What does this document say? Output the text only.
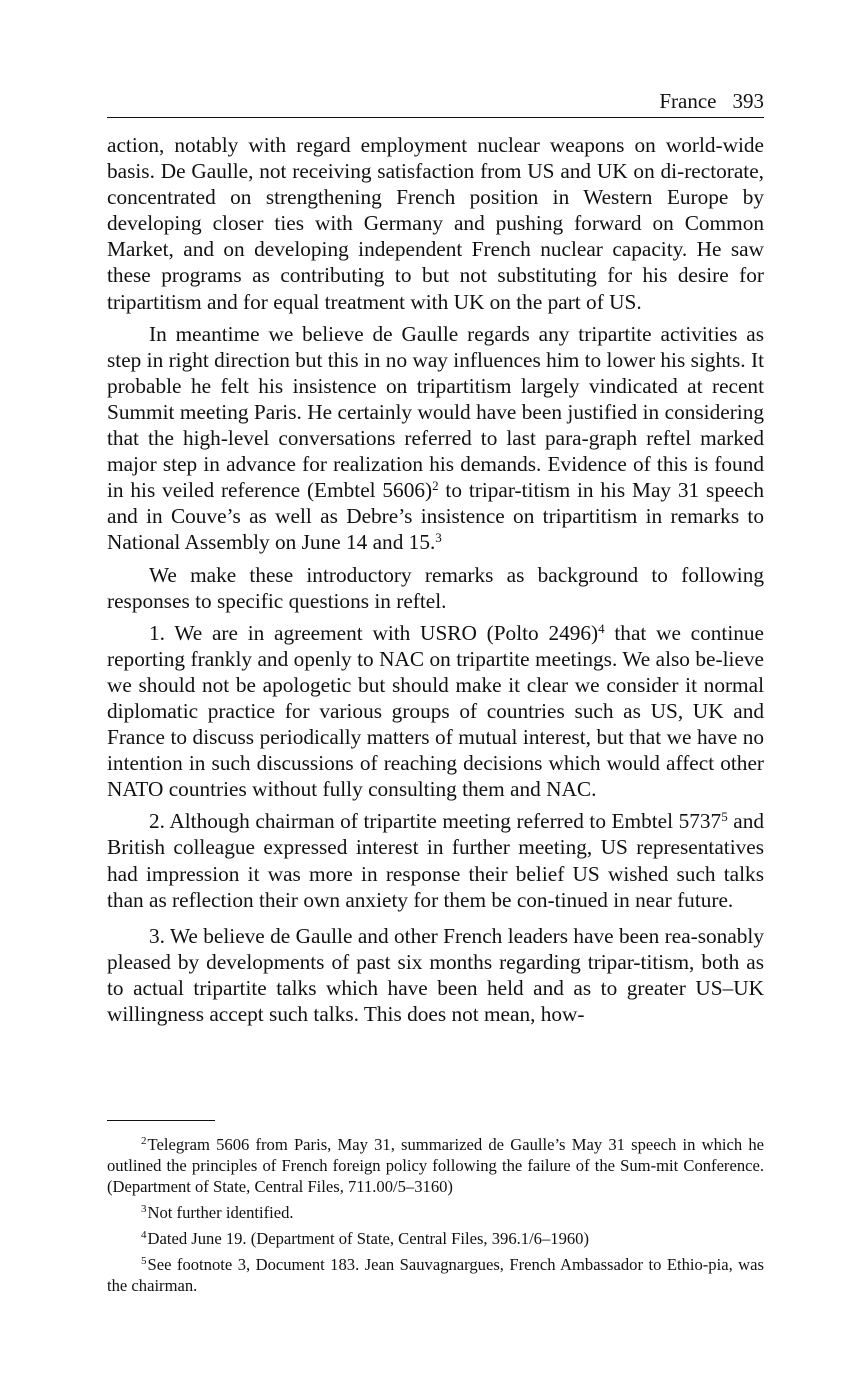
France 393

action, notably with regard employment nuclear weapons on world-wide basis. De Gaulle, not receiving satisfaction from US and UK on di-rectorate, concentrated on strengthening French position in Western Europe by developing closer ties with Germany and pushing forward on Common Market, and on developing independent French nuclear capacity. He saw these programs as contributing to but not substituting for his desire for tripartitism and for equal treatment with UK on the part of US.

In meantime we believe de Gaulle regards any tripartite activities as step in right direction but this in no way influences him to lower his sights. It probable he felt his insistence on tripartitism largely vindicated at recent Summit meeting Paris. He certainly would have been justified in considering that the high-level conversations referred to last para-graph reftel marked major step in advance for realization his demands. Evidence of this is found in his veiled reference (Embtel 5606)$^2$ to tripar-titism in his May 31 speech and in Couve’s as well as Debre’s insistence on tripartitism in remarks to National Assembly on June 14 and 15.$^3$

We make these introductory remarks as background to following responses to specific questions in reftel.

1. We are in agreement with USRO (Polto 2496)$^4$ that we continue reporting frankly and openly to NAC on tripartite meetings. We also be-lieve we should not be apologetic but should make it clear we consider it normal diplomatic practice for various groups of countries such as US, UK and France to discuss periodically matters of mutual interest, but that we have no intention in such discussions of reaching decisions which would affect other NATO countries without fully consulting them and NAC.

2. Although chairman of tripartite meeting referred to Embtel 5737$^5$ and British colleague expressed interest in further meeting, US representatives had impression it was more in response their belief US wished such talks than as reflection their own anxiety for them be con-tinued in near future.

3. We believe de Gaulle and other French leaders have been rea-sonably pleased by developments of past six months regarding tripar-titism, both as to actual tripartite talks which have been held and as to greater US–UK willingness accept such talks. This does not mean, how-

$^2$Telegram 5606 from Paris, May 31, summarized de Gaulle’s May 31 speech in which he outlined the principles of French foreign policy following the failure of the Sum-mit Conference. (Department of State, Central Files, 711.00/5–3160)

$^3$Not further identified.

$^4$Dated June 19. (Department of State, Central Files, 396.1/6–1960)

$^5$See footnote 3, Document 183. Jean Sauvagnargues, French Ambassador to Ethio-pia, was the chairman.
